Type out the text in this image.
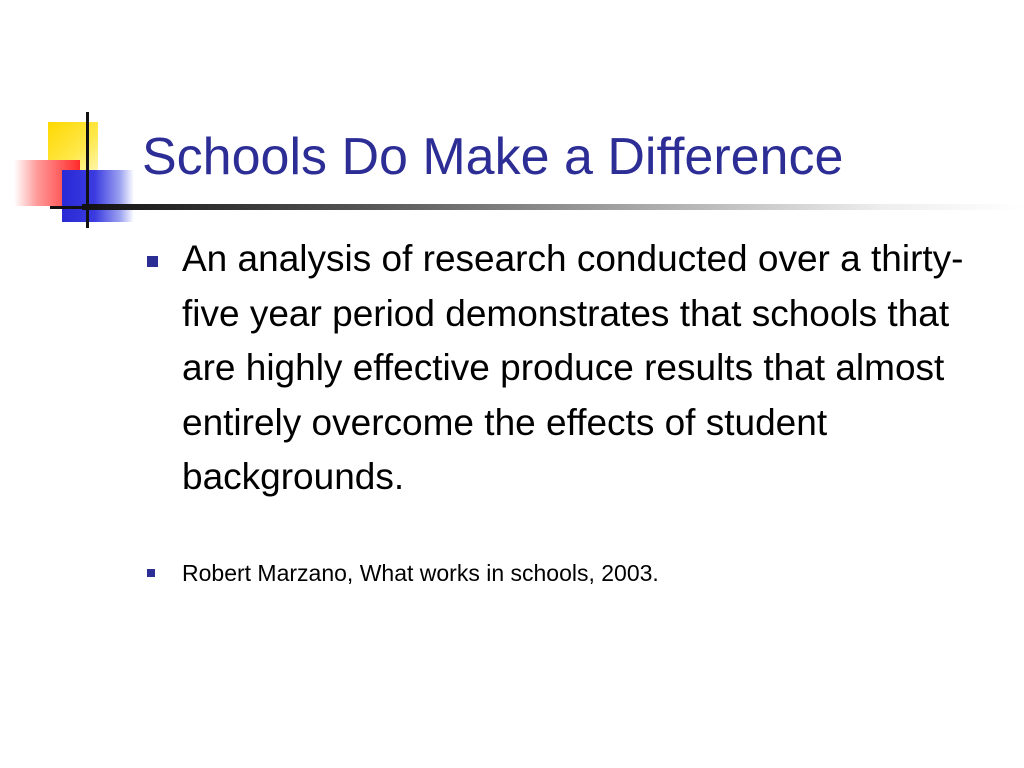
Schools Do Make a Difference
An analysis of research conducted over a thirty-five year period demonstrates that schools that are highly effective produce results that almost entirely overcome the effects of student backgrounds.
Robert Marzano, What works in schools, 2003.
